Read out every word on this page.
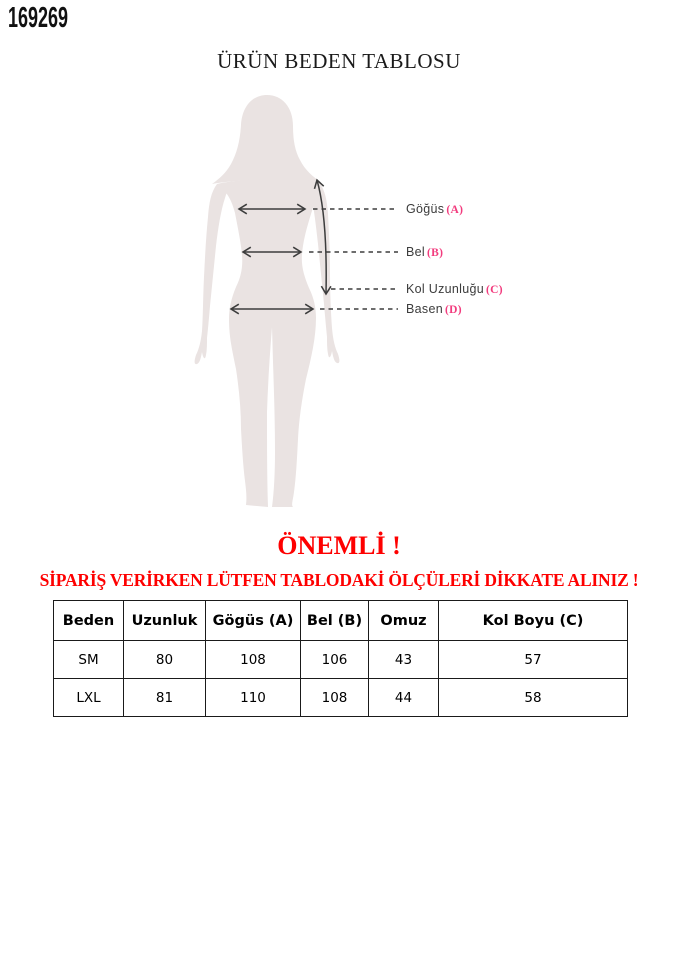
169269
ÜRÜN BEDEN TABLOSU
Göğüs (A)
Bel (B)
Kol Uzunluğu (C)
Basen (D)
ÖNEMLİ !
SİPARİŞ VERİRKEN LÜTFEN TABLODAKİ ÖLÇÜLERİ DİKKATE ALINIZ !
Beden	Uzunluk	Gögüs (A)	Bel (B)	Omuz	Kol Boyu (C)
SM	80	108	106	43	57
LXL	81	110	108	44	58
